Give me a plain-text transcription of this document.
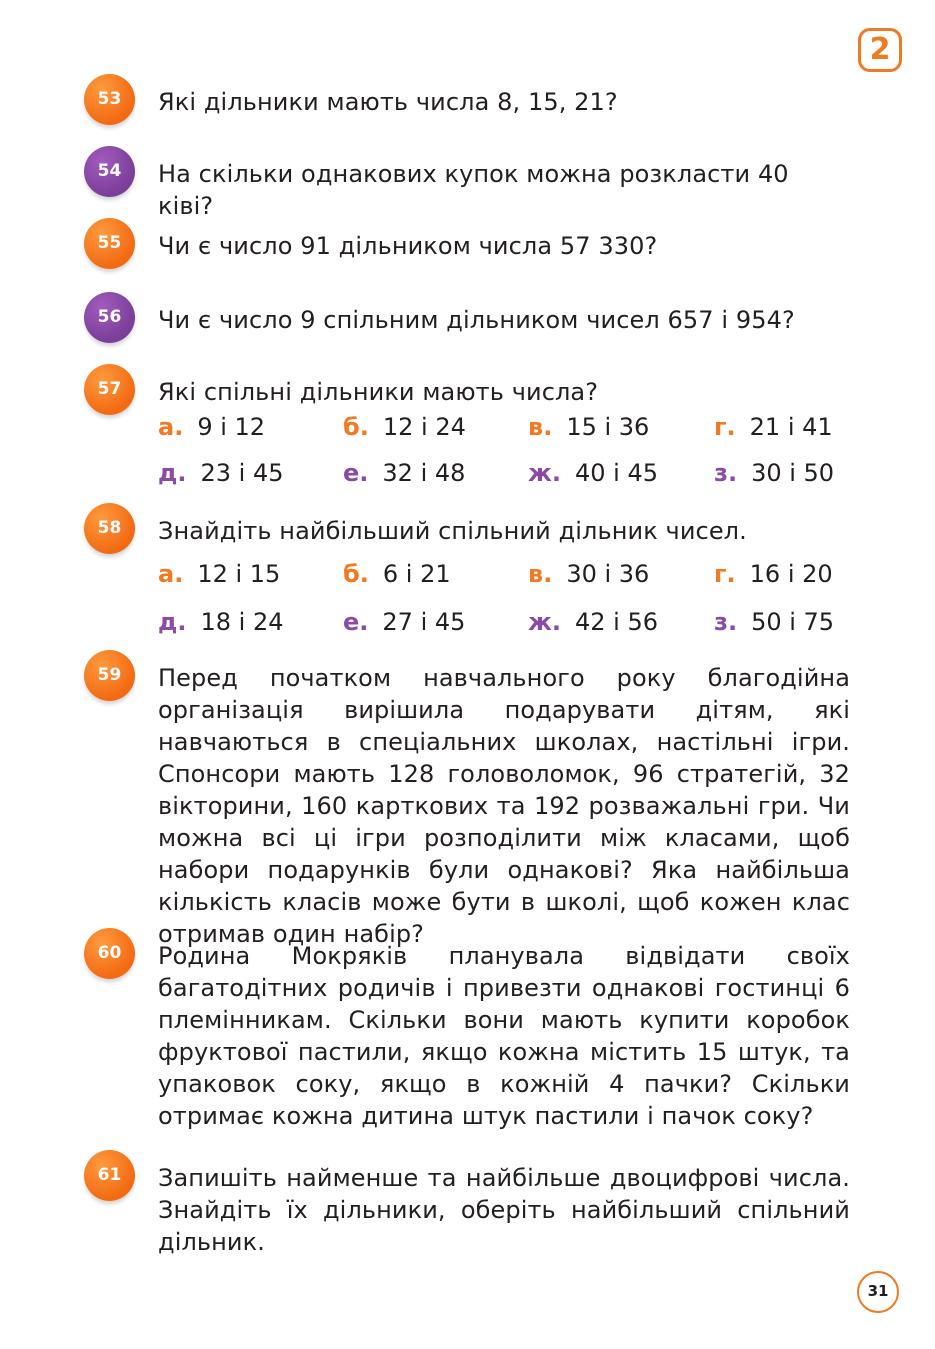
2
53	Які дільники мають числа 8, 15, 21?
54	На скільки однакових купок можна розкласти 40 ківі?
55	Чи є число 91 дільником числа 57 330?
56	Чи є число 9 спільним дільником чисел 657 і 954?
57	Які спільні дільники мають числа?
а. 9 і 12	б. 12 і 24	в. 15 і 36	г. 21 і 41
д. 23 і 45 е. 32 і 48	ж. 40 і 45 з. 30 і 50
58	Знайдіть найбільший спільний дільник чисел.
а. 12 і 15	б. 6 і 21	в. 30 і 36	г. 16 і 20
д. 18 і 24 е. 27 і 45	ж. 42 і 56 з. 50 і 75
59	Перед початком навчального року благодійна організація вирішила подарувати дітям, які навчаються в спеціальних школах, настільні ігри. Спонсори мають 128 головоломок, 96 стратегій, 32 вікторини, 160 карткових та 192 розважальні гри. Чи можна всі ці ігри розподілити між класами, щоб набори подарунків були однакові? Яка найбільша кількість класів може бути в школі, щоб кожен клас отримав один набір?
60	Родина Мокряків планувала відвідати своїх багатодітних родичів і привезти однакові гостинці 6 племінникам. Скільки вони мають купити коробок фруктової пастили, якщо кожна містить 15 штук, та упаковок соку, якщо в кожній 4 пачки? Скільки отримає кожна дитина штук пастили і пачок соку?
61	Запишіть найменше та найбільше двоцифрові числа. Знайдіть їх дільники, оберіть найбільший спільний дільник.
31
